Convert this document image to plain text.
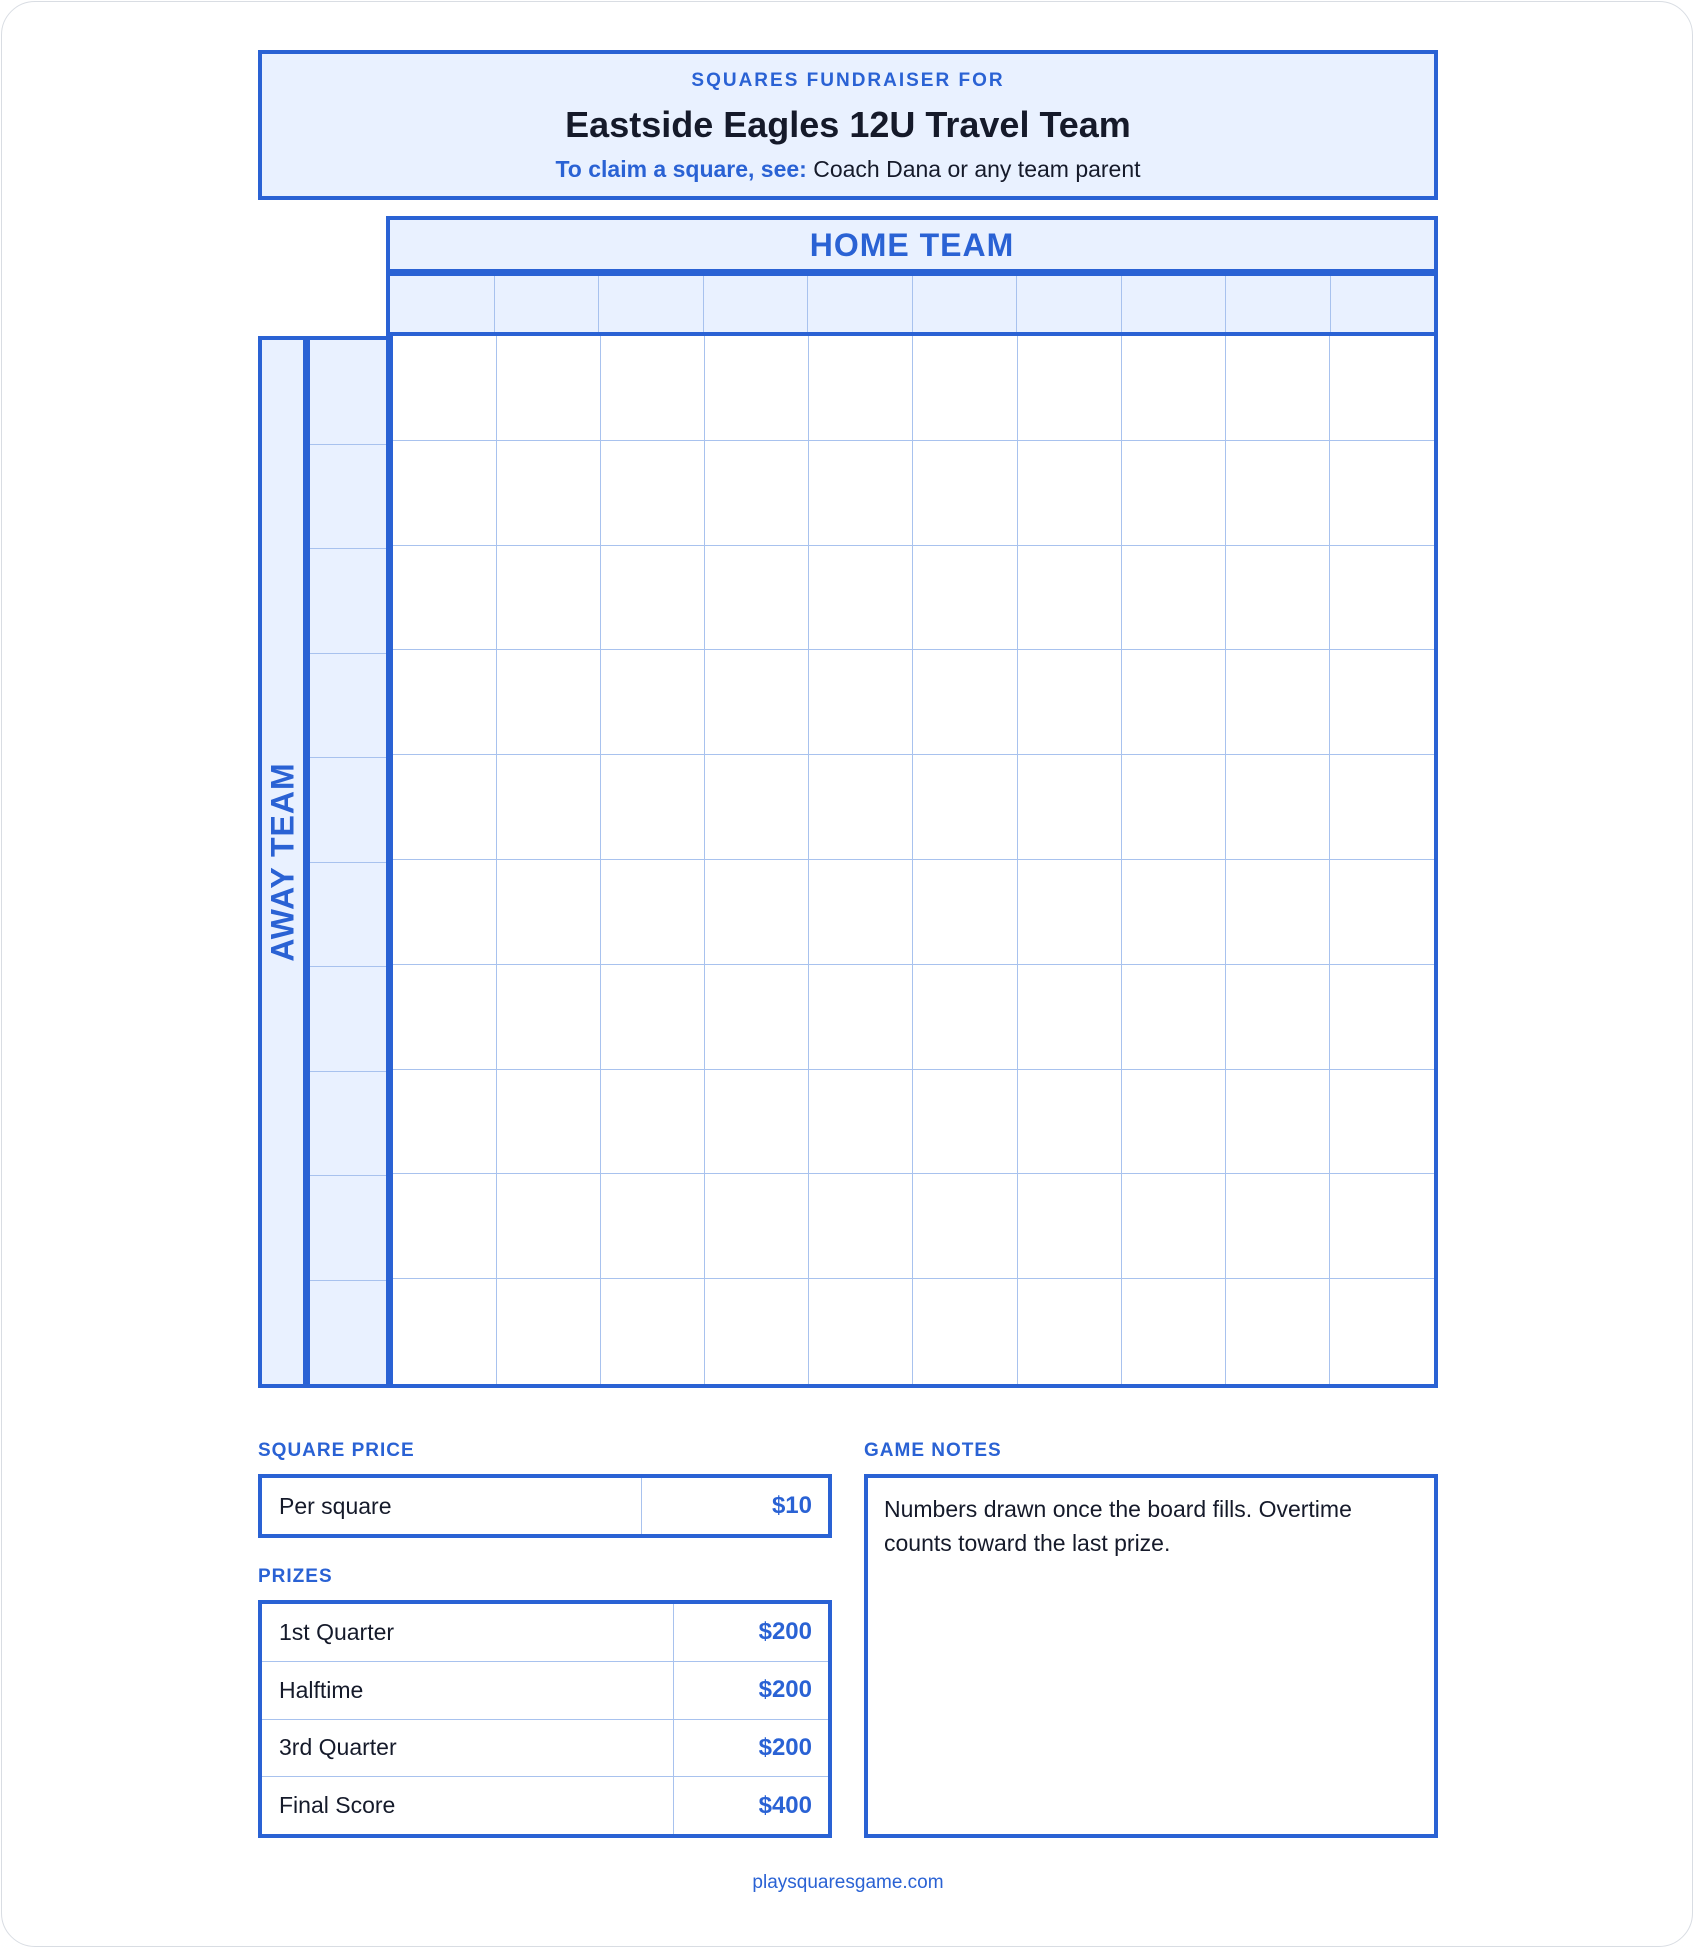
SQUARES FUNDRAISER FOR
Eastside Eagles 12U Travel Team
To claim a square, see: Coach Dana or any team parent
HOME TEAM
AWAY TEAM
SQUARE PRICE
Per square	$10
PRIZES
1st Quarter	$200
Halftime	$200
3rd Quarter	$200
Final Score	$400
GAME NOTES
Numbers drawn once the board fills. Overtime counts toward the last prize.
playsquaresgame.com
